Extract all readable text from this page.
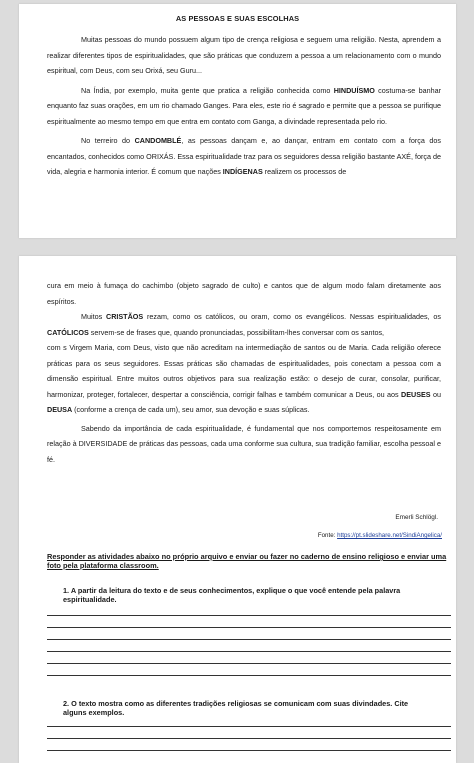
AS PESSOAS E SUAS ESCOLHAS

Muitas pessoas do mundo possuem algum tipo de crença religiosa e seguem uma religião. Nesta, aprendem a realizar diferentes tipos de espiritualidades, que são práticas que conduzem a pessoa a um relacionamento com o mundo espiritual, com Deus, com seu Orixá, seu Guru...

Na Índia, por exemplo, muita gente que pratica a religião conhecida como HINDUÍSMO costuma-se banhar enquanto faz suas orações, em um rio chamado Ganges. Para eles, este rio é sagrado e permite que a pessoa se purifique espiritualmente ao mesmo tempo em que entra em contato com Ganga, a divindade representada pelo rio.

No terreiro do CANDOMBLÉ, as pessoas dançam e, ao dançar, entram em contato com a força dos encantados, conhecidos como ORIXÁS. Essa espiritualidade traz para os seguidores dessa religião bastante AXÉ, força de vida, alegria e harmonia interior. É comum que nações INDÍGENAS realizem os processos de

cura em meio à fumaça do cachimbo (objeto sagrado de culto) e cantos que de algum modo falam diretamente aos espíritos.

Muitos CRISTÃOS rezam, como os católicos, ou oram, como os evangélicos. Nessas espiritualidades, os CATÓLICOS servem-se de frases que, quando pronunciadas, possibilitam-lhes conversar com os santos,

com s Virgem Maria, com Deus, visto que não acreditam na intermediação de santos ou de Maria. Cada religião oferece práticas para os seus seguidores. Essas práticas são chamadas de espiritualidades, pois conectam a pessoa com a dimensão espiritual. Entre muitos outros objetivos para sua realização estão: o desejo de curar, consolar, purificar, harmonizar, proteger, fortalecer, despertar a consciência, corrigir falhas e também comunicar a Deus, ou aos DEUSES ou DEUSA (conforme a crença de cada um), seu amor, sua devoção e suas súplicas.

Sabendo da importância de cada espiritualidade, é fundamental que nos comportemos respeitosamente em relação à DIVERSIDADE de práticas das pessoas, cada uma conforme sua cultura, sua tradição familiar, escolha pessoal e fé.

Emerli Schlögl.
Fonte: https://pt.slideshare.net/SindiAngelica/
Responder as atividades abaixo no próprio arquivo e enviar ou fazer no caderno de ensino religioso e enviar uma foto pela plataforma classroom.
1. A partir da leitura do texto e de seus conhecimentos, explique o que você entende pela palavra espiritualidade.
2. O texto mostra como as diferentes tradições religiosas se comunicam com suas divindades. Cite alguns exemplos.
